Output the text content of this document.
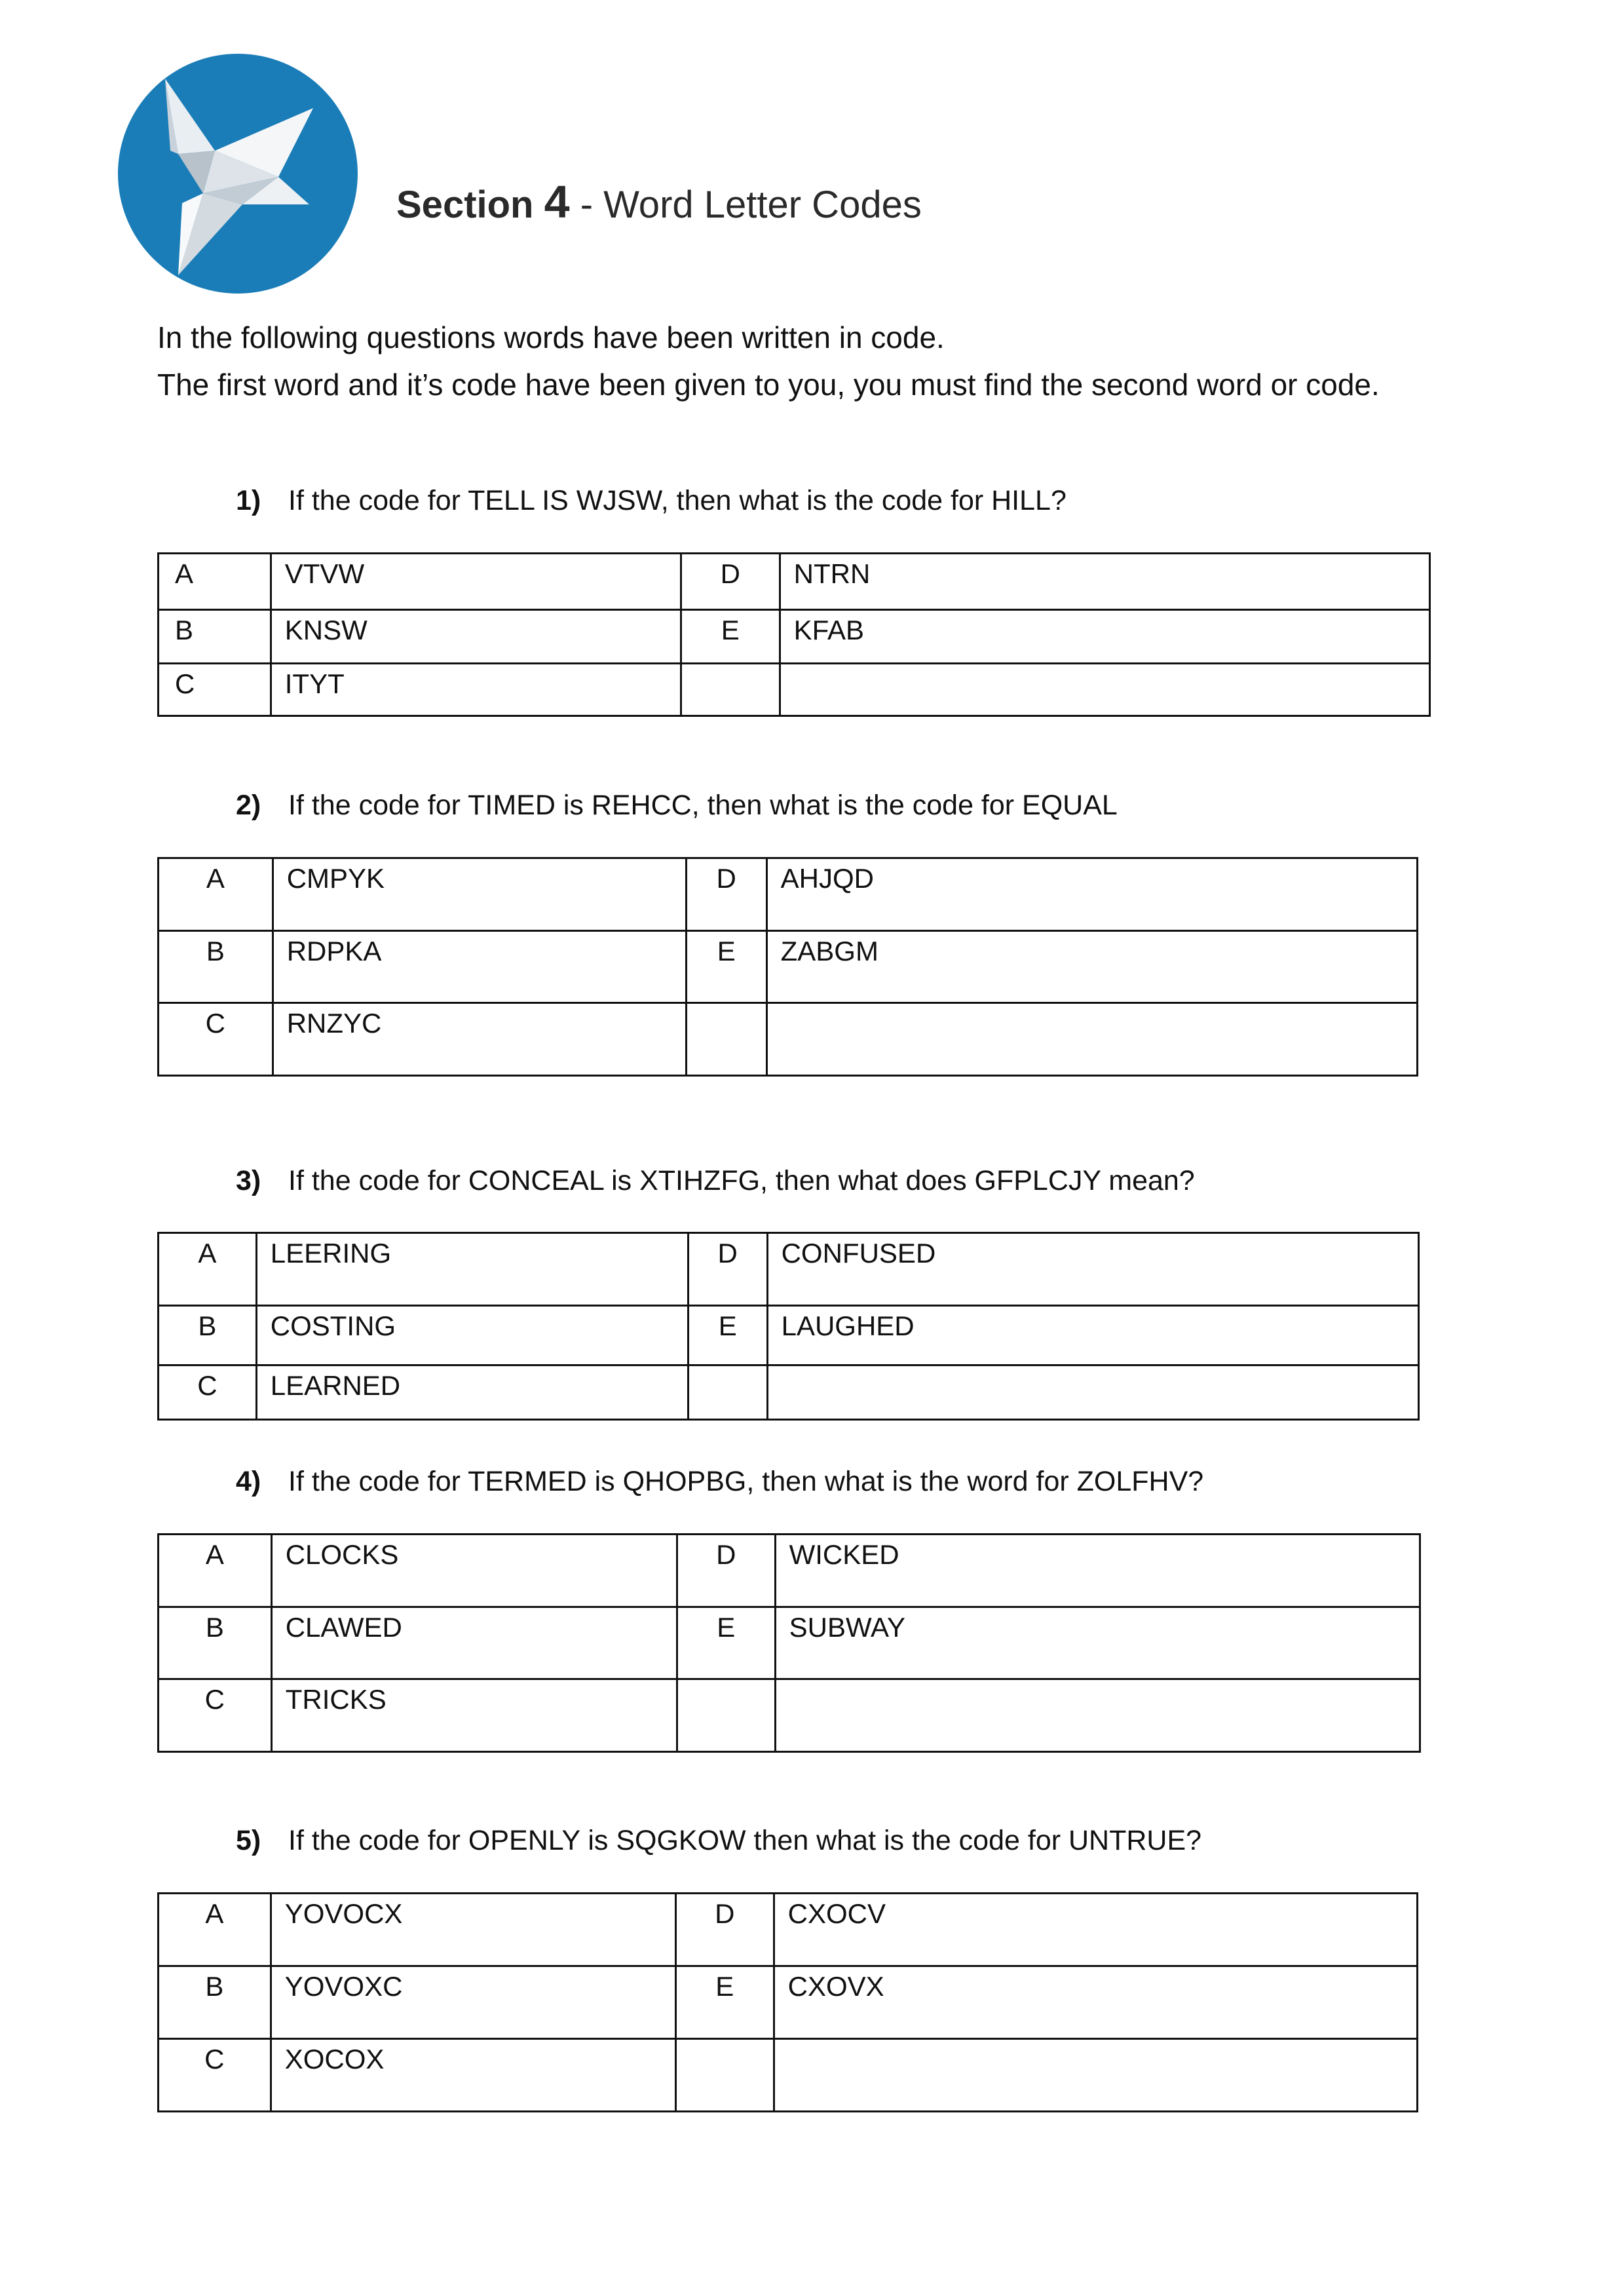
Section 4 - Word Letter Codes
In the following questions words have been written in code.
The first word and it’s code have been given to you, you must find the second word or code.
1) If the code for TELL IS WJSW, then what is the code for HILL?
A	VTVW	D	NTRN
B	KNSW	E	KFAB
C	ITYT		
2) If the code for TIMED is REHCC, then what is the code for EQUAL
A	CMPYK	D	AHJQD
B	RDPKA	E	ZABGM
C	RNZYC		
3) If the code for CONCEAL is XTIHZFG, then what does GFPLCJY mean?
A	LEERING	D	CONFUSED
B	COSTING	E	LAUGHED
C	LEARNED		
4) If the code for TERMED is QHOPBG, then what is the word for ZOLFHV?
A	CLOCKS	D	WICKED
B	CLAWED	E	SUBWAY
C	TRICKS		
5) If the code for OPENLY is SQGKOW then what is the code for UNTRUE?
A	YOVOCX	D	CXOCV
B	YOVOXC	E	CXOVX
C	XOCOX		
